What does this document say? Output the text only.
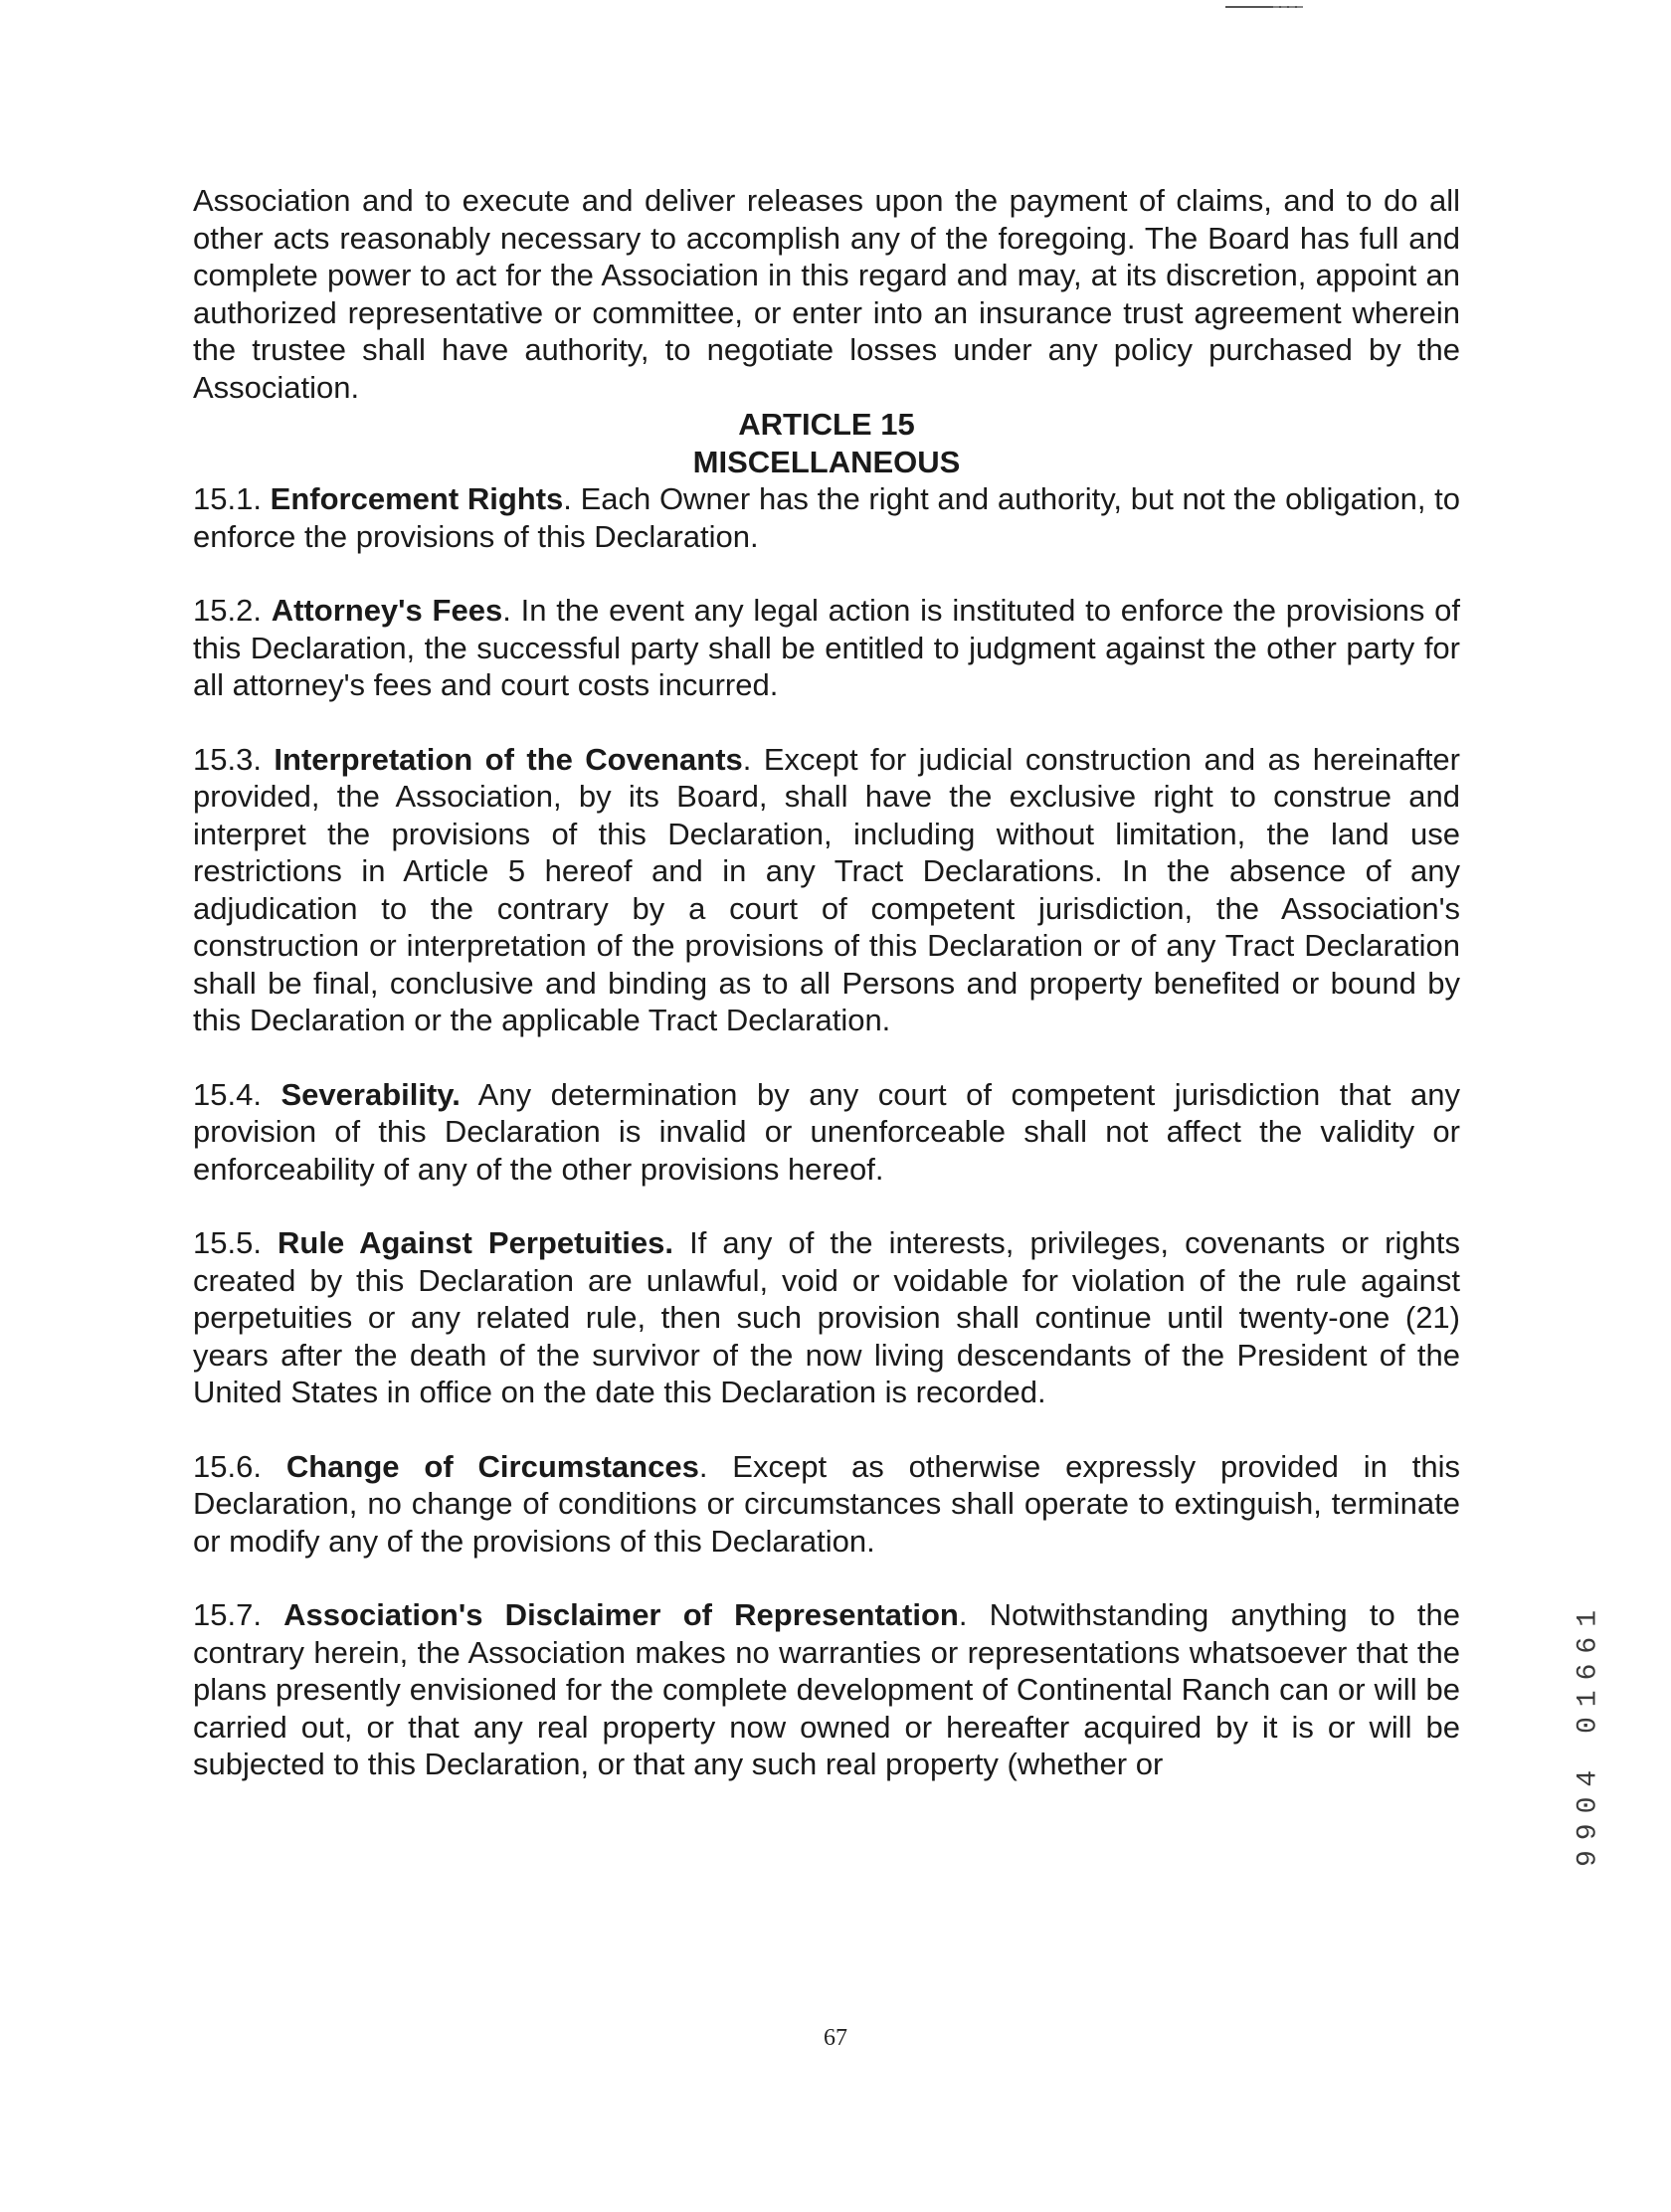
Association and to execute and deliver releases upon the payment of claims, and to do all other acts reasonably necessary to accomplish any of the foregoing. The Board has full and complete power to act for the Association in this regard and may, at its discretion, appoint an authorized representative or committee, or enter into an insurance trust agreement wherein the trustee shall have authority, to negotiate losses under any policy purchased by the Association.

ARTICLE 15

MISCELLANEOUS

15.1. Enforcement Rights. Each Owner has the right and authority, but not the obligation, to enforce the provisions of this Declaration.

15.2. Attorney's Fees. In the event any legal action is instituted to enforce the provisions of this Declaration, the successful party shall be entitled to judgment against the other party for all attorney's fees and court costs incurred.

15.3. Interpretation of the Covenants. Except for judicial construction and as hereinafter provided, the Association, by its Board, shall have the exclusive right to construe and interpret the provisions of this Declaration, including without limitation, the land use restrictions in Article 5 hereof and in any Tract Declarations. In the absence of any adjudication to the contrary by a court of competent jurisdiction, the Association's construction or interpretation of the provisions of this Declaration or of any Tract Declaration shall be final, conclusive and binding as to all Persons and property benefited or bound by this Declaration or the applicable Tract Declaration.

15.4. Severability. Any determination by any court of competent jurisdiction that any provision of this Declaration is invalid or unenforceable shall not affect the validity or enforceability of any of the other provisions hereof.

15.5. Rule Against Perpetuities. If any of the interests, privileges, covenants or rights created by this Declaration are unlawful, void or voidable for violation of the rule against perpetuities or any related rule, then such provision shall continue until twenty-one (21) years after the death of the survivor of the now living descendants of the President of the United States in office on the date this Declaration is recorded.

15.6. Change of Circumstances. Except as otherwise expressly provided in this Declaration, no change of conditions or circumstances shall operate to extinguish, terminate or modify any of the provisions of this Declaration.

15.7. Association's Disclaimer of Representation. Notwithstanding anything to the contrary herein, the Association makes no warranties or representations whatsoever that the plans presently envisioned for the complete development of Continental Ranch can or will be carried out, or that any real property now owned or hereafter acquired by it is or will be subjected to this Declaration, or that any such real property (whether or	9904 01661
67
